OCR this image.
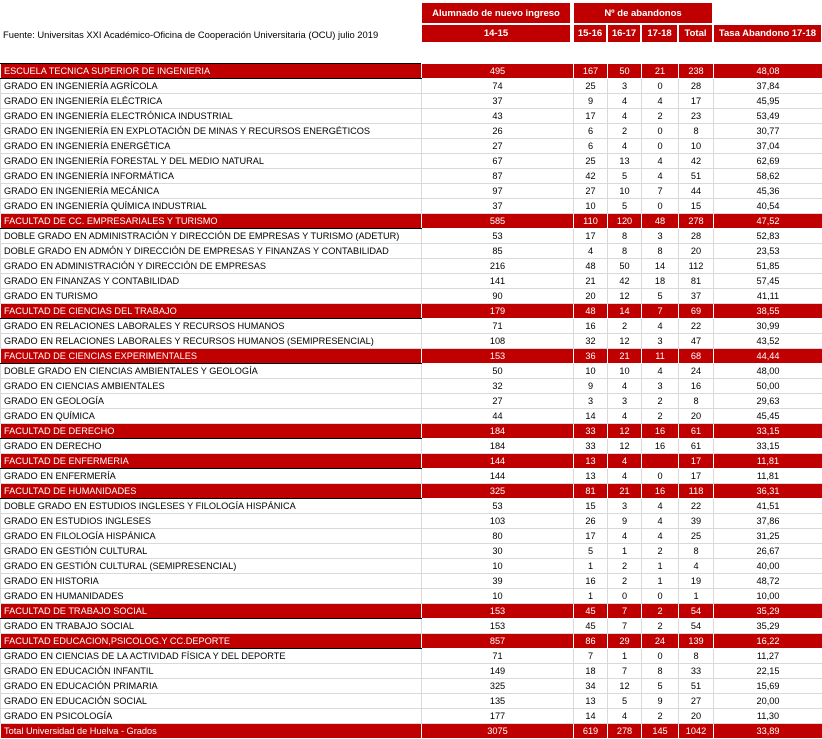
Alumnado de nuevo ingreso	Nº de abandonos
Fuente: Universitas XXI Académico-Oficina de Cooperación Universitaria (OCU) julio 2019	14-15	15-16	16-17	17-18	Total	Tasa Abandono 17-18
ESCUELA TECNICA SUPERIOR DE INGENIERIA	495	167	50	21	238	48,08
GRADO EN INGENIERÍA AGRÍCOLA	74	25	3	0	28	37,84
GRADO EN INGENIERÍA ELÉCTRICA	37	9	4	4	17	45,95
GRADO EN INGENIERÍA ELECTRÓNICA INDUSTRIAL	43	17	4	2	23	53,49
GRADO EN INGENIERÍA EN EXPLOTACIÓN DE MINAS Y RECURSOS ENERGÉTICOS	26	6	2	0	8	30,77
GRADO EN INGENIERÍA ENERGÉTICA	27	6	4	0	10	37,04
GRADO EN INGENIERÍA FORESTAL Y DEL MEDIO NATURAL	67	25	13	4	42	62,69
GRADO EN INGENIERÍA INFORMÁTICA	87	42	5	4	51	58,62
GRADO EN INGENIERÍA MECÁNICA	97	27	10	7	44	45,36
GRADO EN INGENIERÍA QUÍMICA INDUSTRIAL	37	10	5	0	15	40,54
FACULTAD DE CC. EMPRESARIALES Y TURISMO	585	110	120	48	278	47,52
DOBLE GRADO EN ADMINISTRACIÓN Y DIRECCIÓN DE EMPRESAS Y TURISMO (ADETUR)	53	17	8	3	28	52,83
DOBLE GRADO EN ADMÓN Y DIRECCIÓN DE EMPRESAS Y FINANZAS Y CONTABILIDAD	85	4	8	8	20	23,53
GRADO EN ADMINISTRACIÓN Y DIRECCIÓN DE EMPRESAS	216	48	50	14	112	51,85
GRADO EN FINANZAS Y CONTABILIDAD	141	21	42	18	81	57,45
GRADO EN TURISMO	90	20	12	5	37	41,11
FACULTAD DE CIENCIAS DEL TRABAJO	179	48	14	7	69	38,55
GRADO EN RELACIONES LABORALES Y RECURSOS HUMANOS	71	16	2	4	22	30,99
GRADO EN RELACIONES LABORALES Y RECURSOS HUMANOS (SEMIPRESENCIAL)	108	32	12	3	47	43,52
FACULTAD DE CIENCIAS EXPERIMENTALES	153	36	21	11	68	44,44
DOBLE GRADO EN CIENCIAS AMBIENTALES Y GEOLOGÍA	50	10	10	4	24	48,00
GRADO EN CIENCIAS AMBIENTALES	32	9	4	3	16	50,00
GRADO EN GEOLOGÍA	27	3	3	2	8	29,63
GRADO EN QUÍMICA	44	14	4	2	20	45,45
FACULTAD DE DERECHO	184	33	12	16	61	33,15
GRADO EN DERECHO	184	33	12	16	61	33,15
FACULTAD DE ENFERMERIA	144	13	4		17	11,81
GRADO EN ENFERMERÍA	144	13	4	0	17	11,81
FACULTAD DE HUMANIDADES	325	81	21	16	118	36,31
DOBLE GRADO EN ESTUDIOS INGLESES Y FILOLOGÍA HISPÁNICA	53	15	3	4	22	41,51
GRADO EN ESTUDIOS INGLESES	103	26	9	4	39	37,86
GRADO EN FILOLOGÍA HISPÁNICA	80	17	4	4	25	31,25
GRADO EN GESTIÓN CULTURAL	30	5	1	2	8	26,67
GRADO EN GESTIÓN CULTURAL (SEMIPRESENCIAL)	10	1	2	1	4	40,00
GRADO EN HISTORIA	39	16	2	1	19	48,72
GRADO EN HUMANIDADES	10	1	0	0	1	10,00
FACULTAD DE TRABAJO SOCIAL	153	45	7	2	54	35,29
GRADO EN TRABAJO SOCIAL	153	45	7	2	54	35,29
FACULTAD EDUCACION,PSICOLOG.Y CC.DEPORTE	857	86	29	24	139	16,22
GRADO EN CIENCIAS DE LA ACTIVIDAD FÍSICA Y DEL DEPORTE	71	7	1	0	8	11,27
GRADO EN EDUCACIÓN INFANTIL	149	18	7	8	33	22,15
GRADO EN EDUCACIÓN PRIMARIA	325	34	12	5	51	15,69
GRADO EN EDUCACIÓN SOCIAL	135	13	5	9	27	20,00
GRADO EN PSICOLOGÍA	177	14	4	2	20	11,30
Total Universidad de Huelva - Grados	3075	619	278	145	1042	33,89
